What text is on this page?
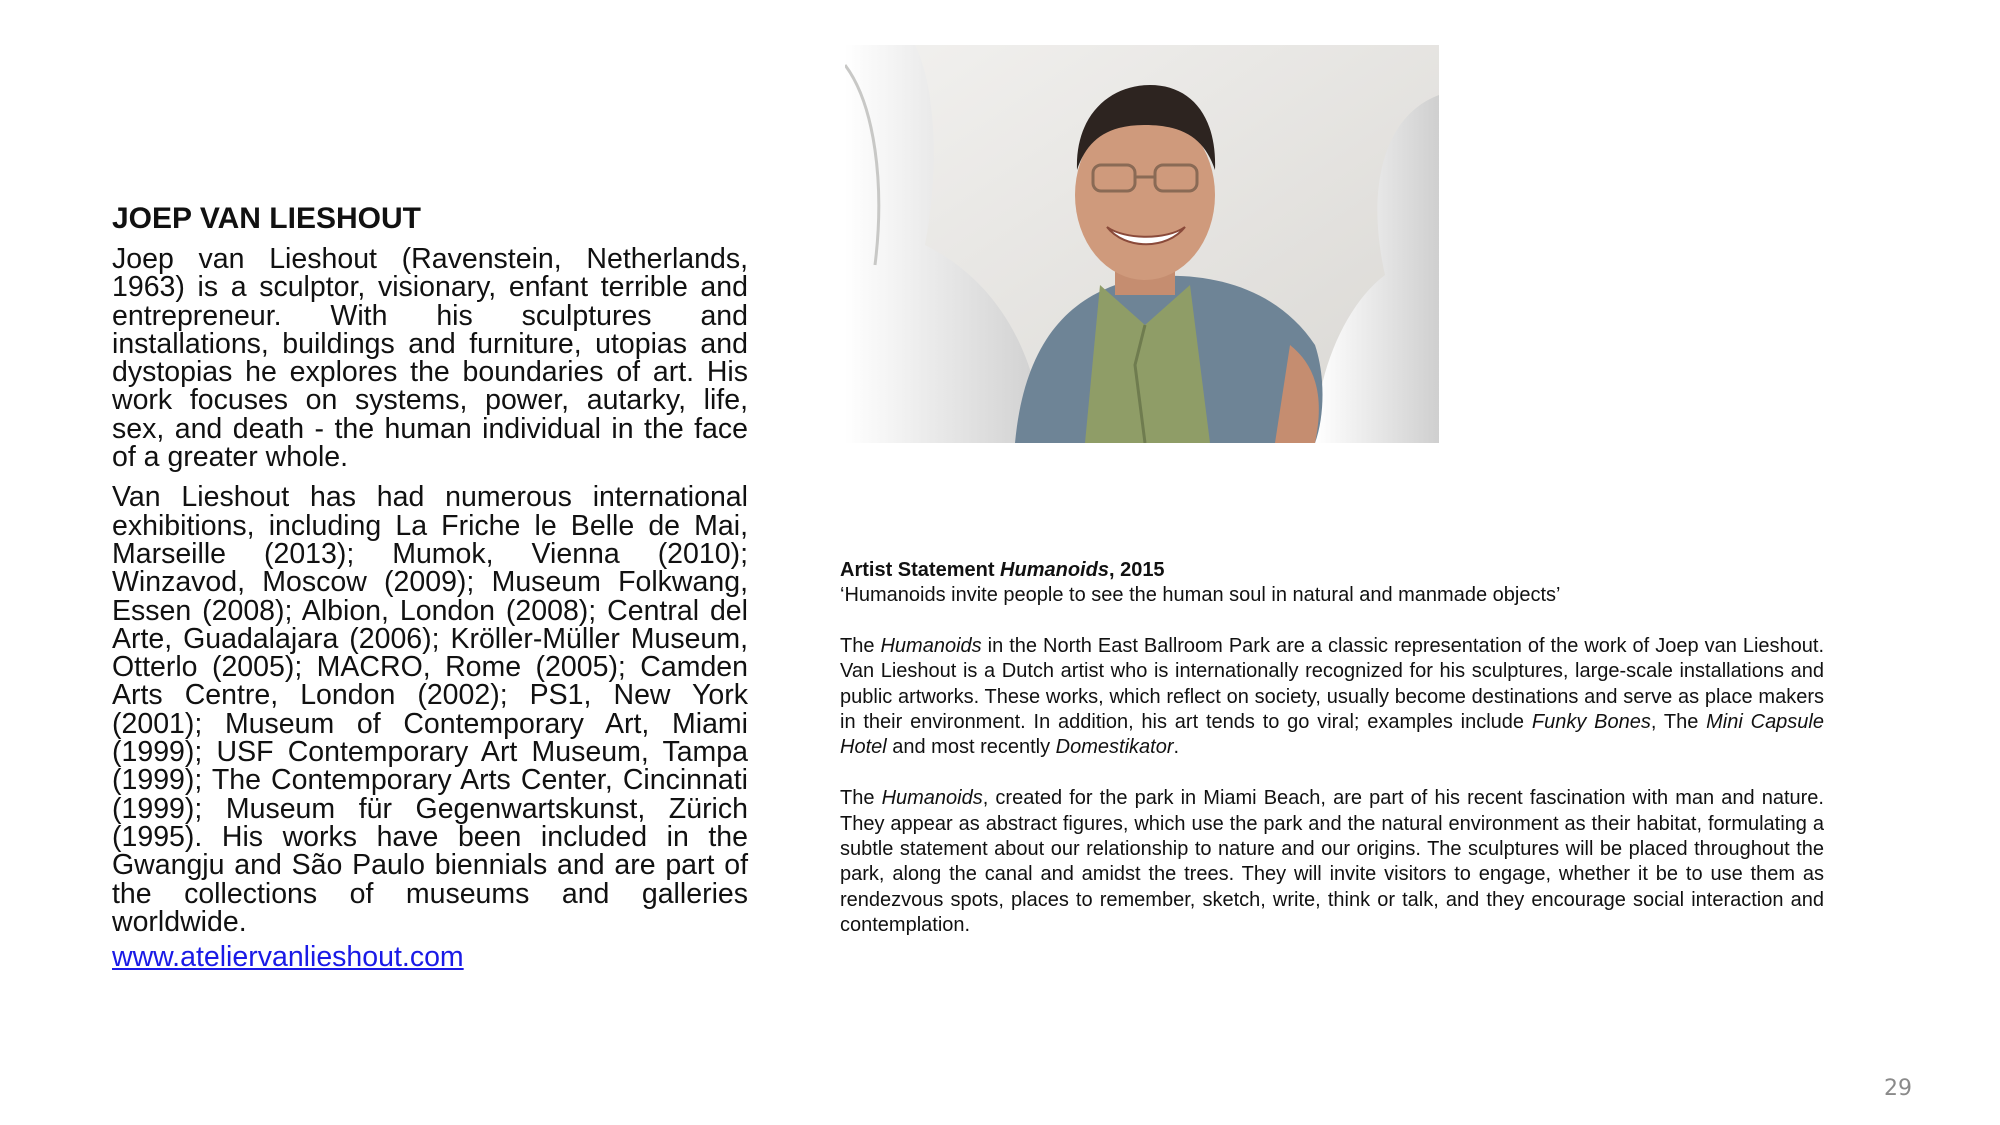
JOEP VAN LIESHOUT

Joep van Lieshout (Ravenstein, Netherlands, 1963) is a sculptor, visionary, enfant terrible and entrepreneur. With his sculptures and installations, buildings and furniture, utopias and dystopias he explores the boundaries of art. His work focuses on systems, power, autarky, life, sex, and death - the human individual in the face of a greater whole.

Van Lieshout has had numerous international exhibitions, including La Friche le Belle de Mai, Marseille (2013); Mumok, Vienna (2010); Winzavod, Moscow (2009); Museum Folkwang, Essen (2008); Albion, London (2008); Central del Arte, Guadalajara (2006); Kröller-Müller Museum, Otterlo (2005); MACRO, Rome (2005); Camden Arts Centre, London (2002); PS1, New York (2001); Museum of Contemporary Art, Miami (1999); USF Contemporary Art Museum, Tampa (1999); The Contemporary Arts Center, Cincinnati (1999); Museum für Gegenwartskunst, Zürich (1995). His works have been included in the Gwangju and São Paulo biennials and are part of the collections of museums and galleries worldwide.

www.ateliervanlieshout.com

Artist Statement Humanoids, 2015

‘Humanoids invite people to see the human soul in natural and manmade objects’

The Humanoids in the North East Ballroom Park are a classic representation of the work of Joep van Lieshout. Van Lieshout is a Dutch artist who is internationally recognized for his sculptures, large-scale installations and public artworks. These works, which reflect on society, usually become destinations and serve as place makers in their environment. In addition, his art tends to go viral; examples include Funky Bones, The Mini Capsule Hotel and most recently Domestikator.

The Humanoids, created for the park in Miami Beach, are part of his recent fascination with man and nature. They appear as abstract figures, which use the park and the natural environment as their habitat, formulating a subtle statement about our relationship to nature and our origins. The sculptures will be placed throughout the park, along the canal and amidst the trees. They will invite visitors to engage, whether it be to use them as rendezvous spots, places to remember, sketch, write, think or talk, and they encourage social interaction and contemplation.

29
